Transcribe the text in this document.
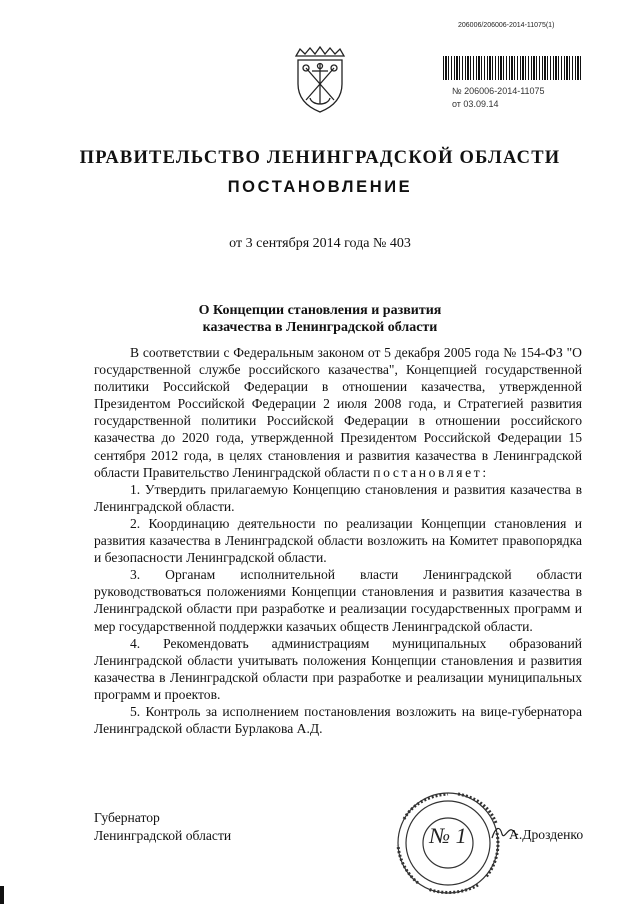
206006/206006-2014-11075(1)
№ 206006-2014-11075
от 03.09.14
ПРАВИТЕЛЬСТВО ЛЕНИНГРАДСКОЙ ОБЛАСТИ
ПОСТАНОВЛЕНИЕ
от 3 сентября 2014 года № 403
О Концепции становления и развития
казачества в Ленинградской области

В соответствии с Федеральным законом от 5 декабря 2005 года № 154-ФЗ "О государственной службе российского казачества", Концепцией государственной политики Российской Федерации в отношении казачества, утвержденной Президентом Российской Федерации 2 июля 2008 года, и Стратегией развития государственной политики Российской Федерации в отношении российского казачества до 2020 года, утвержденной Президентом Российской Федерации 15 сентября 2012 года, в целях становления и развития казачества в Ленинградской области Правительство Ленинградской области постановляет:

1. Утвердить прилагаемую Концепцию становления и развития казачества в Ленинградской области.

2. Координацию деятельности по реализации Концепции становления и развития казачества в Ленинградской области возложить на Комитет правопорядка и безопасности Ленинградской области.

3. Органам исполнительной власти Ленинградской области руководствоваться положениями Концепции становления и развития казачества в Ленинградской области при разработке и реализации государственных программ и мер государственной поддержки казачьих обществ Ленинградской области.

4. Рекомендовать администрациям муниципальных образований Ленинградской области учитывать положения Концепции становления и развития казачества в Ленинградской области при разработке и реализации муниципальных программ и проектов.

5. Контроль за исполнением постановления возложить на вице-губернатора Ленинградской области Бурлакова А.Д.

Губернатор
Ленинградской области	№ 1	А.Дрозденко
